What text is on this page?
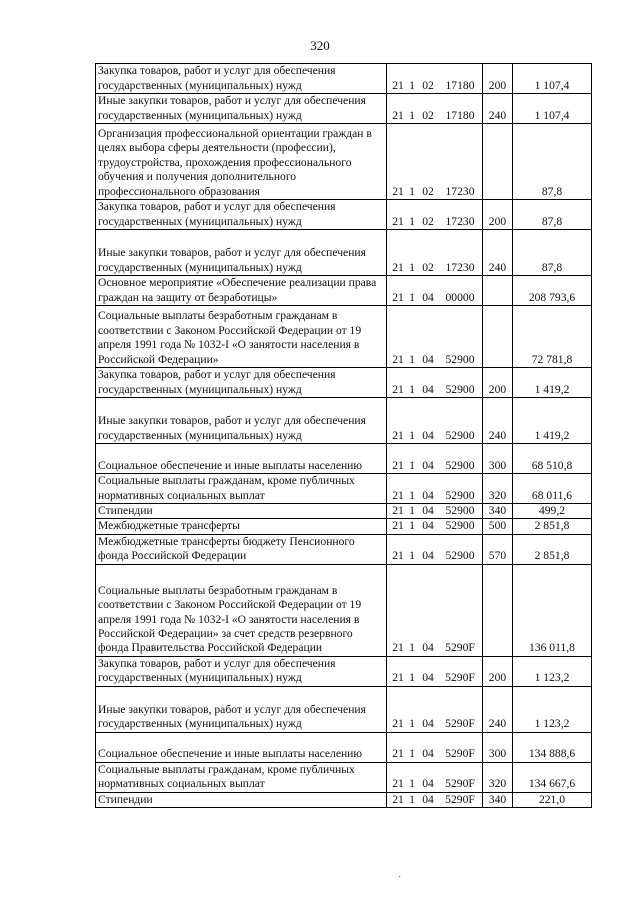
320
Закупка товаров, работ и услуг для обеспечения государственных (муниципальных) нужд	21 1 02 17180	200	1 107,4
Иные закупки товаров, работ и услуг для обеспечения государственных (муниципальных) нужд	21 1 02 17180	240	1 107,4
Организация профессиональной ориентации граждан в целях выбора сферы деятельности (профессии), трудоустройства, прохождения профессионального обучения и получения дополнительного профессионального образования	21 1 02 17230		87,8
Закупка товаров, работ и услуг для обеспечения государственных (муниципальных) нужд	21 1 02 17230	200	87,8
Иные закупки товаров, работ и услуг для обеспечения государственных (муниципальных) нужд	21 1 02 17230	240	87,8
Основное мероприятие «Обеспечение реализации права граждан на защиту от безработицы»	21 1 04 00000		208 793,6
Социальные выплаты безработным гражданам в соответствии с Законом Российской Федерации от 19 апреля 1991 года № 1032-I «О занятости населения в Российской Федерации»	21 1 04 52900		72 781,8
Закупка товаров, работ и услуг для обеспечения государственных (муниципальных) нужд	21 1 04 52900	200	1 419,2
Иные закупки товаров, работ и услуг для обеспечения государственных (муниципальных) нужд	21 1 04 52900	240	1 419,2
Социальное обеспечение и иные выплаты населению	21 1 04 52900	300	68 510,8
Социальные выплаты гражданам, кроме публичных нормативных социальных выплат	21 1 04 52900	320	68 011,6
Стипендии	21 1 04 52900	340	499,2
Межбюджетные трансферты	21 1 04 52900	500	2 851,8
Межбюджетные трансферты бюджету Пенсионного фонда Российской Федерации	21 1 04 52900	570	2 851,8
Социальные выплаты безработным гражданам в соответствии с Законом Российской Федерации от 19 апреля 1991 года № 1032-I «О занятости населения в Российской Федерации» за счет средств резервного фонда Правительства Российской Федерации	21 1 04 5290F		136 011,8
Закупка товаров, работ и услуг для обеспечения государственных (муниципальных) нужд	21 1 04 5290F	200	1 123,2
Иные закупки товаров, работ и услуг для обеспечения государственных (муниципальных) нужд	21 1 04 5290F	240	1 123,2
Социальное обеспечение и иные выплаты населению	21 1 04 5290F	300	134 888,6
Социальные выплаты гражданам, кроме публичных нормативных социальных выплат	21 1 04 5290F	320	134 667,6
Стипендии	21 1 04 5290F	340	221,0
·
